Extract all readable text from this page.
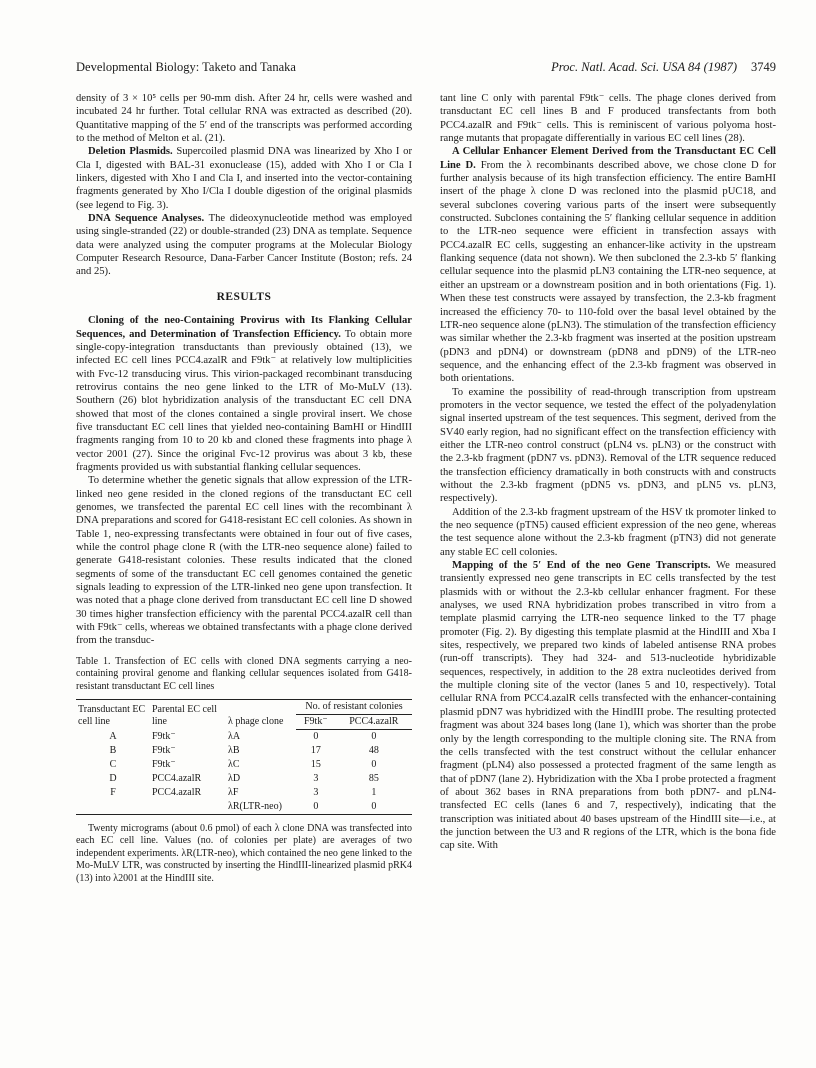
Developmental Biology: Taketo and Tanaka	Proc. Natl. Acad. Sci. USA 84 (1987) 3749

density of 3 × 10⁵ cells per 90-mm dish. After 24 hr, cells were washed and incubated 24 hr further. Total cellular RNA was extracted as described (20). Quantitative mapping of the 5′ end of the transcripts was performed according to the method of Melton et al. (21).

Deletion Plasmids. Supercoiled plasmid DNA was linearized by Xho I or Cla I, digested with BAL-31 exonuclease (15), added with Xho I or Cla I linkers, digested with Xho I and Cla I, and inserted into the vector-containing fragments generated by Xho I/Cla I double digestion of the original plasmids (see legend to Fig. 3).

DNA Sequence Analyses. The dideoxynucleotide method was employed using single-stranded (22) or double-stranded (23) DNA as template. Sequence data were analyzed using the computer programs at the Molecular Biology Computer Research Resource, Dana-Farber Cancer Institute (Boston; refs. 24 and 25).

RESULTS

Cloning of the neo-Containing Provirus with Its Flanking Cellular Sequences, and Determination of Transfection Efficiency. To obtain more single-copy-integration transductants than previously obtained (13), we infected EC cell lines PCC4.azalR and F9tk⁻ at relatively low multiplicities with Fvc-12 transducing virus. This virion-packaged recombinant transducing retrovirus contains the neo gene linked to the LTR of Mo-MuLV (13). Southern (26) blot hybridization analysis of the transductant EC cell DNA showed that most of the clones contained a single proviral insert. We chose five transductant EC cell lines that yielded neo-containing BamHI or HindIII fragments ranging from 10 to 20 kb and cloned these fragments into phage λ vector 2001 (27). Since the original Fvc-12 provirus was about 3 kb, these fragments provided us with substantial flanking cellular sequences.

To determine whether the genetic signals that allow expression of the LTR-linked neo gene resided in the cloned regions of the transductant EC cell genomes, we transfected the parental EC cell lines with the recombinant λ DNA preparations and scored for G418-resistant EC cell colonies. As shown in Table 1, neo-expressing transfectants were obtained in four out of five cases, while the control phage clone R (with the LTR-neo sequence alone) failed to generate G418-resistant colonies. These results indicated that the cloned segments of some of the transductant EC cell genomes contained the genetic signals leading to expression of the LTR-linked neo gene upon transfection. It was noted that a phage clone derived from transductant EC cell line D showed 30 times higher transfection efficiency with the parental PCC4.azalR cell than with F9tk⁻ cells, whereas we obtained transfectants with a phage clone derived from the transduc-

Table 1. Transfection of EC cells with cloned DNA segments carrying a neo-containing proviral genome and flanking cellular sequences isolated from G418-resistant transductant EC cell lines

Transductant EC cell line	Parental EC cell line	λ phage clone	No. of resistant colonies	
			F9tk⁻	PCC4.azalR
A	F9tk⁻	λA	0	0
B	F9tk⁻	λB	17	48
C	F9tk⁻	λC	15	0
D	PCC4.azalR	λD	3	85
F	PCC4.azalR	λF	3	1
		λR(LTR-neo)	0	0

Twenty micrograms (about 0.6 pmol) of each λ clone DNA was transfected into each EC cell line. Values (no. of colonies per plate) are averages of two independent experiments. λR(LTR-neo), which contained the neo gene linked to the Mo-MuLV LTR, was constructed by inserting the HindIII-linearized plasmid pRK4 (13) into λ2001 at the HindIII site.

tant line C only with parental F9tk⁻ cells. The phage clones derived from transductant EC cell lines B and F produced transfectants from both PCC4.azalR and F9tk⁻ cells. This is reminiscent of various polyoma host-range mutants that propagate differentially in various EC cell lines (28).

A Cellular Enhancer Element Derived from the Transductant EC Cell Line D. From the λ recombinants described above, we chose clone D for further analysis because of its high transfection efficiency. The entire BamHI insert of the phage λ clone D was recloned into the plasmid pUC18, and several subclones covering various parts of the insert were subsequently constructed. Subclones containing the 5′ flanking cellular sequence in addition to the LTR-neo sequence were efficient in transfection assays with PCC4.azalR EC cells, suggesting an enhancer-like activity in the upstream flanking sequence (data not shown). We then subcloned the 2.3-kb 5′ flanking cellular sequence into the plasmid pLN3 containing the LTR-neo sequence, at either an upstream or a downstream position and in both orientations (Fig. 1). When these test constructs were assayed by transfection, the 2.3-kb fragment increased the efficiency 70- to 110-fold over the basal level obtained by the LTR-neo sequence alone (pLN3). The stimulation of the transfection efficiency was similar whether the 2.3-kb fragment was inserted at the position upstream (pDN3 and pDN4) or downstream (pDN8 and pDN9) of the LTR-neo sequence, and the enhancing effect of the 2.3-kb fragment was observed in both orientations.

To examine the possibility of read-through transcription from upstream promoters in the vector sequence, we tested the effect of the polyadenylation signal inserted upstream of the test sequences. This segment, derived from the SV40 early region, had no significant effect on the transfection efficiency with either the LTR-neo control construct (pLN4 vs. pLN3) or the construct with the 2.3-kb fragment (pDN7 vs. pDN3). Removal of the LTR sequence reduced the transfection efficiency dramatically in both constructs with and constructs without the 2.3-kb fragment (pDN5 vs. pDN3, and pLN5 vs. pLN3, respectively).

Addition of the 2.3-kb fragment upstream of the HSV tk promoter linked to the neo sequence (pTN5) caused efficient expression of the neo gene, whereas the test sequence alone without the 2.3-kb fragment (pTN3) did not generate any stable EC cell colonies.

Mapping of the 5′ End of the neo Gene Transcripts. We measured transiently expressed neo gene transcripts in EC cells transfected by the test plasmids with or without the 2.3-kb cellular enhancer fragment. For these analyses, we used RNA hybridization probes transcribed in vitro from a template plasmid carrying the LTR-neo sequence linked to the T7 phage promoter (Fig. 2). By digesting this template plasmid at the HindIII and Xba I sites, respectively, we prepared two kinds of labeled antisense RNA probes (run-off transcripts). They had 324- and 513-nucleotide hybridizable sequences, respectively, in addition to the 28 extra nucleotides derived from the multiple cloning site of the vector (lanes 5 and 10, respectively). Total cellular RNA from PCC4.azalR cells transfected with the enhancer-containing plasmid pDN7 was hybridized with the HindIII probe. The resulting protected fragment was about 324 bases long (lane 1), which was shorter than the probe only by the length corresponding to the multiple cloning site. The RNA from the cells transfected with the test construct without the cellular enhancer fragment (pLN4) also possessed a protected fragment of the same length as that of pDN7 (lane 2). Hybridization with the Xba I probe protected a fragment of about 362 bases in RNA preparations from both pDN7- and pLN4-transfected EC cells (lanes 6 and 7, respectively), indicating that the transcription was initiated about 40 bases upstream of the HindIII site—i.e., at the junction between the U3 and R regions of the LTR, which is the bona fide cap site. With
